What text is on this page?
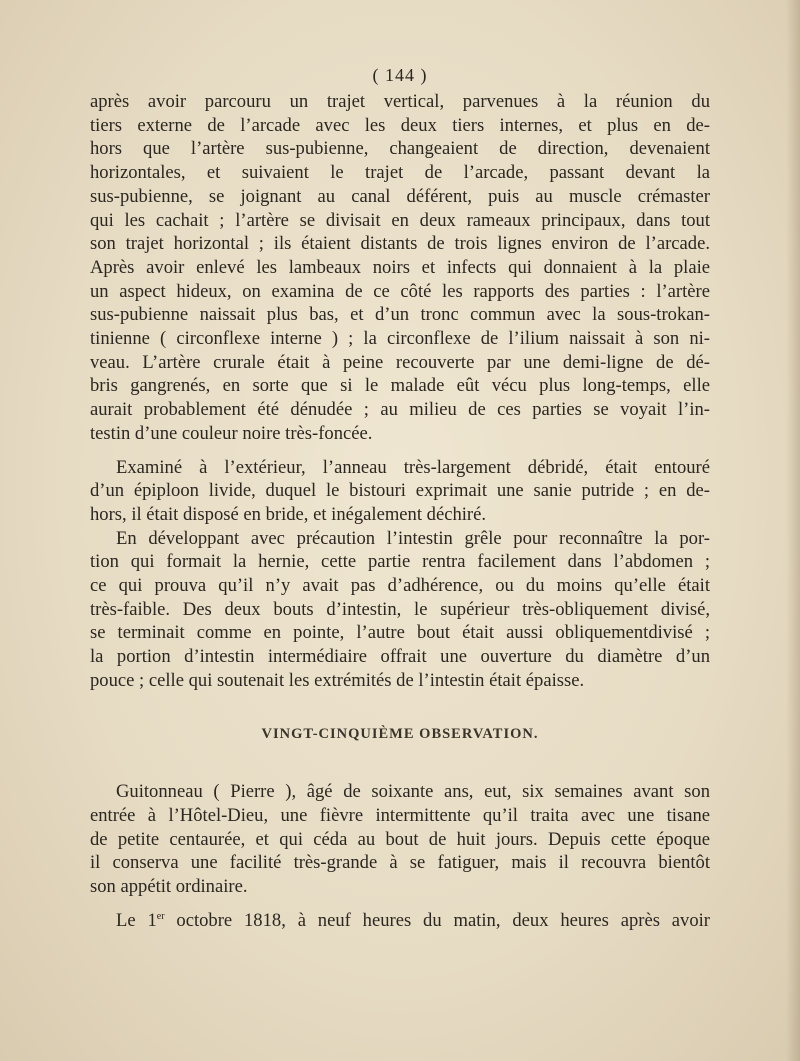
( 144 )
après avoir parcouru un trajet vertical, parvenues à la réunion du
tiers externe de l’arcade avec les deux tiers internes, et plus en de-
hors que l’artère sus-pubienne, changeaient de direction, devenaient
horizontales, et suivaient le trajet de l’arcade, passant devant la
sus-pubienne, se joignant au canal déférent, puis au muscle crémaster
qui les cachait ; l’artère se divisait en deux rameaux principaux, dans tout
son trajet horizontal ; ils étaient distants de trois lignes environ de l’arcade.
Après avoir enlevé les lambeaux noirs et infects qui donnaient à la plaie
un aspect hideux, on examina de ce côté les rapports des parties : l’artère
sus-pubienne naissait plus bas, et d’un tronc commun avec la sous-trokan-
tinienne ( circonflexe interne ) ; la circonflexe de l’ilium naissait à son ni-
veau. L’artère crurale était à peine recouverte par une demi-ligne de dé-
bris gangrenés, en sorte que si le malade eût vécu plus long-temps, elle
aurait probablement été dénudée ; au milieu de ces parties se voyait l’in-
testin d’une couleur noire très-foncée.
Examiné à l’extérieur, l’anneau très-largement débridé, était entouré
d’un épiploon livide, duquel le bistouri exprimait une sanie putride ; en de-
hors, il était disposé en bride, et inégalement déchiré.
En développant avec précaution l’intestin grêle pour reconnaître la por-
tion qui formait la hernie, cette partie rentra facilement dans l’abdomen ;
ce qui prouva qu’il n’y avait pas d’adhérence, ou du moins qu’elle était
très-faible. Des deux bouts d’intestin, le supérieur très-obliquement divisé,
se terminait comme en pointe, l’autre bout était aussi obliquementdivisé ;
la portion d’intestin intermédiaire offrait une ouverture du diamètre d’un
pouce ; celle qui soutenait les extrémités de l’intestin était épaisse.
VINGT-CINQUIÈME OBSERVATION.
Guitonneau ( Pierre ), âgé de soixante ans, eut, six semaines avant son
entrée à l’Hôtel-Dieu, une fièvre intermittente qu’il traita avec une tisane
de petite centaurée, et qui céda au bout de huit jours. Depuis cette époque
il conserva une facilité très-grande à se fatiguer, mais il recouvra bientôt
son appétit ordinaire.
Le 1er octobre 1818, à neuf heures du matin, deux heures après avoir
